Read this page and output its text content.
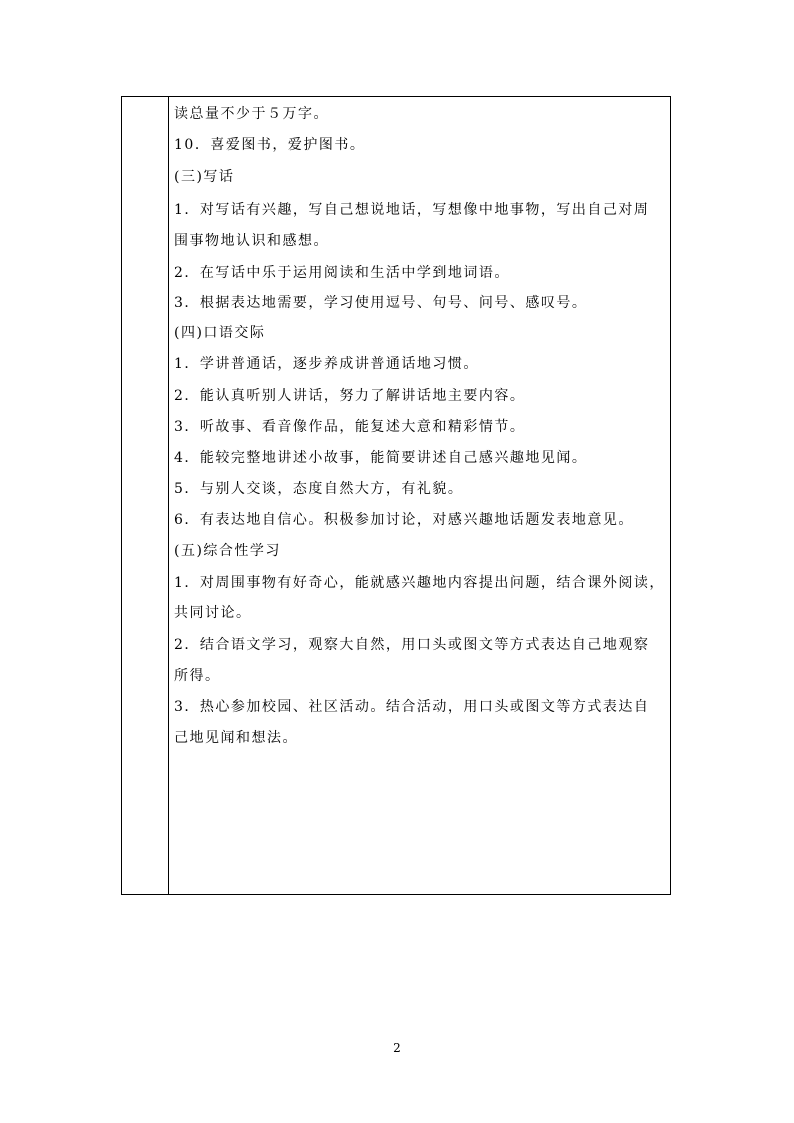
读总量不少于５万字。
10．喜爱图书，爱护图书。
(三)写话
1．对写话有兴趣，写自己想说地话，写想像中地事物，写出自己对周
围事物地认识和感想。
2．在写话中乐于运用阅读和生活中学到地词语。
3．根据表达地需要，学习使用逗号、句号、问号、感叹号。
(四)口语交际
1．学讲普通话，逐步养成讲普通话地习惯。
2．能认真听别人讲话，努力了解讲话地主要内容。
3．听故事、看音像作品，能复述大意和精彩情节。
4．能较完整地讲述小故事，能简要讲述自己感兴趣地见闻。
5．与别人交谈，态度自然大方，有礼貌。
6．有表达地自信心。积极参加讨论，对感兴趣地话题发表地意见。
(五)综合性学习
1．对周围事物有好奇心，能就感兴趣地内容提出问题，结合课外阅读，
共同讨论。
2．结合语文学习，观察大自然，用口头或图文等方式表达自己地观察
所得。
3．热心参加校园、社区活动。结合活动，用口头或图文等方式表达自
己地见闻和想法。
2
